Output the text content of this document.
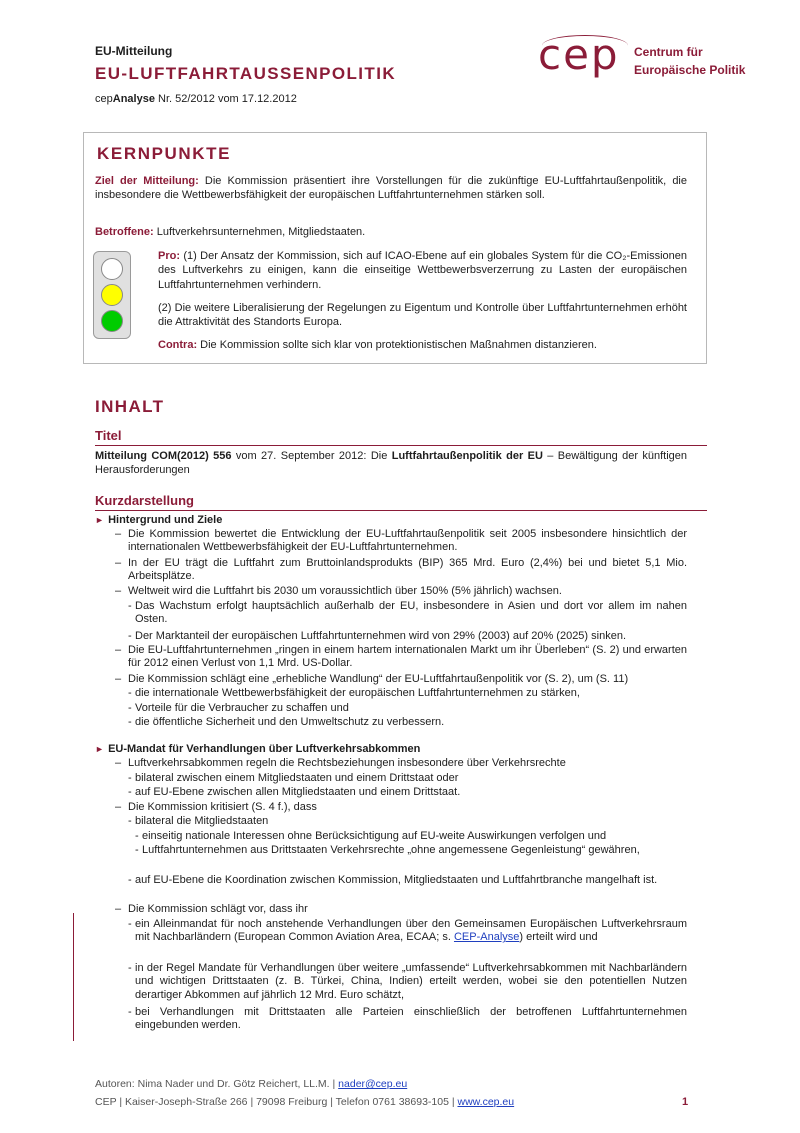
EU-Mitteilung
EU-LUFTFAHRTAUSSENPOLITIK
cepAnalyse Nr. 52/2012 vom 17.12.2012
cep Centrum für
Europäische Politik
KERNPUNKTE
Ziel der Mitteilung: Die Kommission präsentiert ihre Vorstellungen für die zukünftige EU-Luftfahrtaußenpolitik, die insbesondere die Wettbewerbsfähigkeit der europäischen Luftfahrtunternehmen stärken soll.
Betroffene: Luftverkehrsunternehmen, Mitgliedstaaten.
Pro: (1) Der Ansatz der Kommission, sich auf ICAO-Ebene auf ein globales System für die CO₂-Emissionen des Luftverkehrs zu einigen, kann die einseitige Wettbewerbsverzerrung zu Lasten der europäischen Luftfahrtunternehmen verhindern.
(2) Die weitere Liberalisierung der Regelungen zu Eigentum und Kontrolle über Luftfahrtunternehmen erhöht die Attraktivität des Standorts Europa.
Contra: Die Kommission sollte sich klar von protektionistischen Maßnahmen distanzieren.
INHALT
Titel
Mitteilung COM(2012) 556 vom 27. September 2012: Die Luftfahrtaußenpolitik der EU – Bewältigung der künftigen Herausforderungen
Kurzdarstellung
► Hintergrund und Ziele
– Die Kommission bewertet die Entwicklung der EU-Luftfahrtaußenpolitik seit 2005 insbesondere hinsichtlich der internationalen Wettbewerbsfähigkeit der EU-Luftfahrtunternehmen.
– In der EU trägt die Luftfahrt zum Bruttoinlandsprodukts (BIP) 365 Mrd. Euro (2,4%) bei und bietet 5,1 Mio. Arbeitsplätze.
– Weltweit wird die Luftfahrt bis 2030 um voraussichtlich über 150% (5% jährlich) wachsen.
- Das Wachstum erfolgt hauptsächlich außerhalb der EU, insbesondere in Asien und dort vor allem im nahen Osten.
- Der Marktanteil der europäischen Luftfahrtunternehmen wird von 29% (2003) auf 20% (2025) sinken.
– Die EU-Luftfahrtunternehmen „ringen in einem hartem internationalen Markt um ihr Überleben“ (S. 2) und erwarten für 2012 einen Verlust von 1,1 Mrd. US-Dollar.
– Die Kommission schlägt eine „erhebliche Wandlung“ der EU-Luftfahrtaußenpolitik vor (S. 2), um (S. 11)
- die internationale Wettbewerbsfähigkeit der europäischen Luftfahrtunternehmen zu stärken,
- Vorteile für die Verbraucher zu schaffen und
- die öffentliche Sicherheit und den Umweltschutz zu verbessern.
► EU-Mandat für Verhandlungen über Luftverkehrsabkommen
– Luftverkehrsabkommen regeln die Rechtsbeziehungen insbesondere über Verkehrsrechte
- bilateral zwischen einem Mitgliedstaaten und einem Drittstaat oder
- auf EU-Ebene zwischen allen Mitgliedstaaten und einem Drittstaat.
– Die Kommission kritisiert (S. 4 f.), dass
- bilateral die Mitgliedstaaten
- einseitig nationale Interessen ohne Berücksichtigung auf EU-weite Auswirkungen verfolgen und
- Luftfahrtunternehmen aus Drittstaaten Verkehrsrechte „ohne angemessene Gegenleistung“ gewähren,
- auf EU-Ebene die Koordination zwischen Kommission, Mitgliedstaaten und Luftfahrtbranche mangelhaft ist.
– Die Kommission schlägt vor, dass ihr
- ein Alleinmandat für noch anstehende Verhandlungen über den Gemeinsamen Europäischen Luftverkehrsraum mit Nachbarländern (European Common Aviation Area, ECAA; s. CEP-Analyse) erteilt wird und
- in der Regel Mandate für Verhandlungen über weitere „umfassende“ Luftverkehrsabkommen mit Nachbarländern und wichtigen Drittstaaten (z. B. Türkei, China, Indien) erteilt werden, wobei sie den potentiellen Nutzen derartiger Abkommen auf jährlich 12 Mrd. Euro schätzt,
- bei Verhandlungen mit Drittstaaten alle Parteien einschließlich der betroffenen Luftfahrtunternehmen eingebunden werden.
Autoren: Nima Nader und Dr. Götz Reichert, LL.M. | nader@cep.eu
CEP | Kaiser-Joseph-Straße 266 | 79098 Freiburg | Telefon 0761 38693-105 | www.cep.eu	1
